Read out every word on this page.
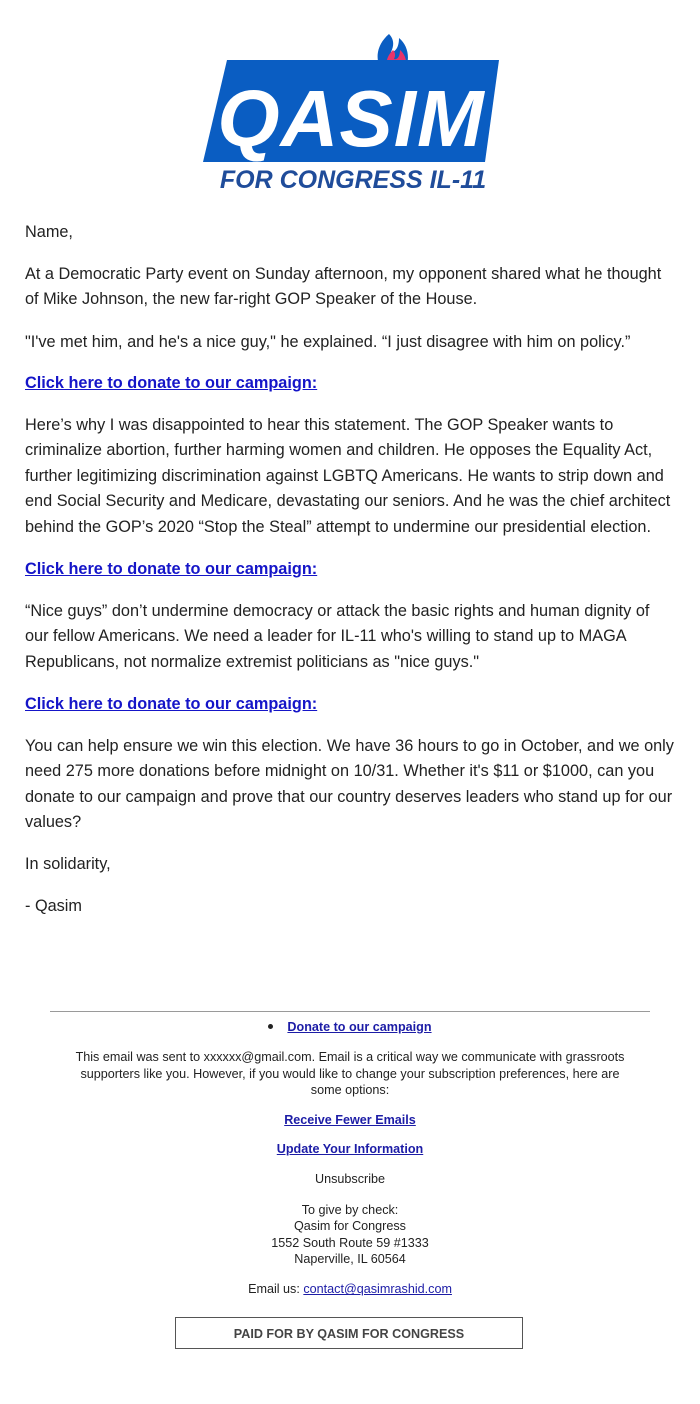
QASIM
FOR CONGRESS IL-11

Name,

At a Democratic Party event on Sunday afternoon, my opponent shared what he thought of Mike Johnson, the new far-right GOP Speaker of the House.

"I've met him, and he's a nice guy," he explained. “I just disagree with him on policy.”

Click here to donate to our campaign:

Here’s why I was disappointed to hear this statement. The GOP Speaker wants to criminalize abortion, further harming women and children. He opposes the Equality Act, further legitimizing discrimination against LGBTQ Americans. He wants to strip down and end Social Security and Medicare, devastating our seniors. And he was the chief architect behind the GOP’s 2020 “Stop the Steal” attempt to undermine our presidential election.

Click here to donate to our campaign:

“Nice guys” don’t undermine democracy or attack the basic rights and human dignity of our fellow Americans. We need a leader for IL-11 who's willing to stand up to MAGA Republicans, not normalize extremist politicians as "nice guys."

Click here to donate to our campaign:

You can help ensure we win this election. We have 36 hours to go in October, and we only need 275 more donations before midnight on 10/31. Whether it's $11 or $1000, can you donate to our campaign and prove that our country deserves leaders who stand up for our values?

In solidarity,

- Qasim

Donate to our campaign
This email was sent to xxxxxx@gmail.com. Email is a critical way we communicate with grassroots supporters like you. However, if you would like to change your subscription preferences, here are some options:
Receive Fewer Emails
Update Your Information
Unsubscribe
To give by check:
Qasim for Congress
1552 South Route 59 #1333
Naperville, IL 60564
Email us: contact@qasimrashid.com
PAID FOR BY QASIM FOR CONGRESS
